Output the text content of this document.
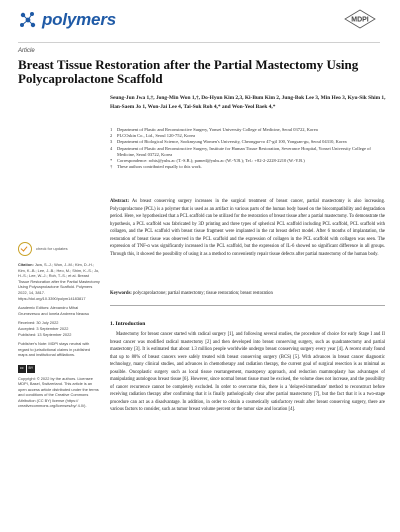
polymers	MDPI
Article
Breast Tissue Restoration after the Partial Mastectomy Using Polycaprolactone Scaffold
Seung-Jun Jwa 1,†, Jong-Min Won 1,†, Do-Hyun Kim 2,3, Ki-Bum Kim 2, Jung-Bok Lee 3, Min Heo 3, Kyu-Sik Shim 1, Han-Saem Jo 1, Won-Jai Lee 4, Tai-Suk Roh 4,* and Won-Yeol Baek 4,*
1	Department of Plastic and Reconstructive Surgery, Yonsei University College of Medicine, Seoul 03722, Korea
2	PLCOskin Co., Ltd., Seoul 120-752, Korea
3	Department of Biological Science, Sookmyung Women's University, Cheongpa-ro 47-gil 100, Yongsan-gu, Seoul 04310, Korea
4	Department of Plastic and Reconstructive Surgery, Institute for Human Tissue Restoration, Severance Hospital, Yonsei University College of Medicine, Seoul 03722, Korea
*	Correspondence: rohts@yuhs.ac (T.-S.R.); pamed@yuhs.ac (W.-Y.B.); Tel.: +82-2-2228-2210 (W.-Y.B.)
†	These authors contributed equally to this work.
Abstract: As breast conserving surgery increases in the surgical treatment of breast cancer, partial mastectomy is also increasing. Polycaprolactone (PCL) is a polymer that is used as an artifact in various parts of the human body based on the biocompatibility and degradation period. Here, we hypothesized that a PCL scaffold can be utilized for the restoration of breast tissue after a partial mastectomy. To demonstrate the hypothesis, a PCL scaffold was fabricated by 3D printing and three types of spherical PCL scaffold including PCL scaffold, PCL scaffold with collagen, and the PCL scaffold with breast tissue fragment were implanted in the rat breast defect model. After 6 months of implantation, the restoration of breast tissue was observed in the PCL scaffold and the expression of collagen in the PCL scaffold with collagen was seen. The expression of TNF-α was significantly increased in the PCL scaffold, but the expression of IL-6 showed no significant difference in all groups. Through this, it showed the possibility of using it as a method to conveniently repair tissue defects after partial mastectomy of the human body.
Keywords: polycaprolactone; partial mastectomy; tissue restoration; breast restoration
check for updates
Citation: Jwa, S.-J.; Won, J.-M.; Kim, D.-H.; Kim, K.-B.; Lee, J.-B.; Heo, M.; Shim, K.-S.; Jo, H.-S.; Lee, W.-J.; Roh, T.-S.; et al. Breast Tissue Restoration after the Partial Mastectomy Using Polycaprolactone Scaffold. Polymers 2022, 14, 3817. https://doi.org/10.3390/polym14183817
Academic Editors: Alexandru Mihai Grumezescu and Ionela Andreea Neacsu
Received: 30 July 2022
Accepted: 3 September 2022
Published: 13 September 2022
Publisher's Note: MDPI stays neutral with regard to jurisdictional claims in published maps and institutional affiliations.
cc	BY
Copyright: © 2022 by the authors. Licensee MDPI, Basel, Switzerland. This article is an open access article distributed under the terms and conditions of the Creative Commons Attribution (CC BY) license (https:// creativecommons.org/licenses/by/ 4.0/).
1. Introduction
Mastectomy for breast cancer started with radical surgery [1], and following several studies, the procedure of choice for early Stage I and II breast cancer was modified radical mastectomy [2] and then developed into breast conserving surgery, such as quadrantectomy and partial mastectomy [3]. It is estimated that about 1.3 million people worldwide undergo breast conserving surgery every year [4]. A recent study found that up to 80% of breast cancers were safely treated with breast conserving surgery (BCS) [5]. With advances in breast cancer diagnostic technology, many clinical studies, and advances in chemotherapy and radiation therapy, the current goal of surgical resection is as minimal as possible. Oncoplastic surgery such as local tissue rearrangement, mastopexy approach, and reduction mammoplasty has advantages of manipulating autologous breast tissue [6]. However, since normal breast tissue must be excised, the volume does not increase, and the possibility of cancer recurrence cannot be completely excluded. In order to overcome this, there is a 'delayed-immediate' method to reconstruct before receiving radiation therapy after confirming that it is finally pathologically clear after partial mastectomy [7], but the fact that it is a two-stage procedure can act as a disadvantage. In addition, in order to obtain a cosmetically satisfactory result after breast conserving surgery, there are various factors to consider, such as tumor breast volume percent or the tumor size and location [4].
